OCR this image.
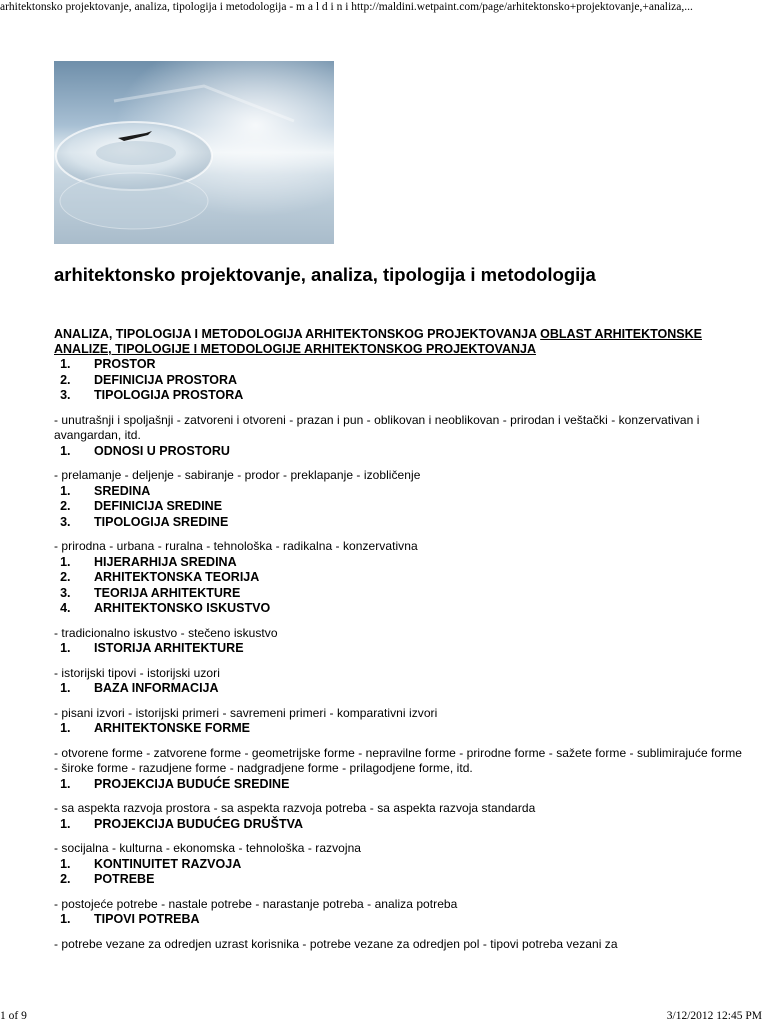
arhitektonsko projektovanje, analiza, tipologija i metodologija - m a l d i n i http://maldini.wetpaint.com/page/arhitektonsko+projektovanje,+analiza,...
arhitektonsko projektovanje, analiza, tipologija i metodologija
ANALIZA, TIPOLOGIJA I METODOLOGIJA ARHITEKTONSKOG PROJEKTOVANJA OBLAST ARHITEKTONSKE ANALIZE, TIPOLOGIJE I METODOLOGIJE ARHITEKTONSKOG PROJEKTOVANJA
1. PROSTOR
2. DEFINICIJA PROSTORA
3. TIPOLOGIJA PROSTORA

- unutrašnji i spoljašnji - zatvoreni i otvoreni - prazan i pun - oblikovan i neoblikovan - prirodan i veštački - konzervativan i avangardan, itd.

1. ODNOSI U PROSTORU

- prelamanje - deljenje - sabiranje - prodor - preklapanje - izobličenje

1. SREDINA
2. DEFINICIJA SREDINE
3. TIPOLOGIJA SREDINE

- prirodna - urbana - ruralna - tehnološka - radikalna - konzervativna

1. HIJERARHIJA SREDINA
2. ARHITEKTONSKA TEORIJA
3. TEORIJA ARHITEKTURE
4. ARHITEKTONSKO ISKUSTVO

- tradicionalno iskustvo - stečeno iskustvo

1. ISTORIJA ARHITEKTURE

- istorijski tipovi - istorijski uzori

1. BAZA INFORMACIJA

- pisani izvori - istorijski primeri - savremeni primeri - komparativni izvori

1. ARHITEKTONSKE FORME

- otvorene forme - zatvorene forme - geometrijske forme - nepravilne forme - prirodne forme - sažete forme - sublimirajuće forme - široke forme - razudjene forme - nadgradjene forme - prilagodjene forme, itd.

1. PROJEKCIJA BUDUĆE SREDINE

- sa aspekta razvoja prostora - sa aspekta razvoja potreba - sa aspekta razvoja standarda

1. PROJEKCIJA BUDUĆEG DRUŠTVA

- socijalna - kulturna - ekonomska - tehnološka - razvojna

1. KONTINUITET RAZVOJA
2. POTREBE

- postojeće potrebe - nastale potrebe - narastanje potreba - analiza potreba

1. TIPOVI POTREBA

- potrebe vezane za odredjen uzrast korisnika - potrebe vezane za odredjen pol - tipovi potreba vezani za

1 of 9	3/12/2012 12:45 PM
